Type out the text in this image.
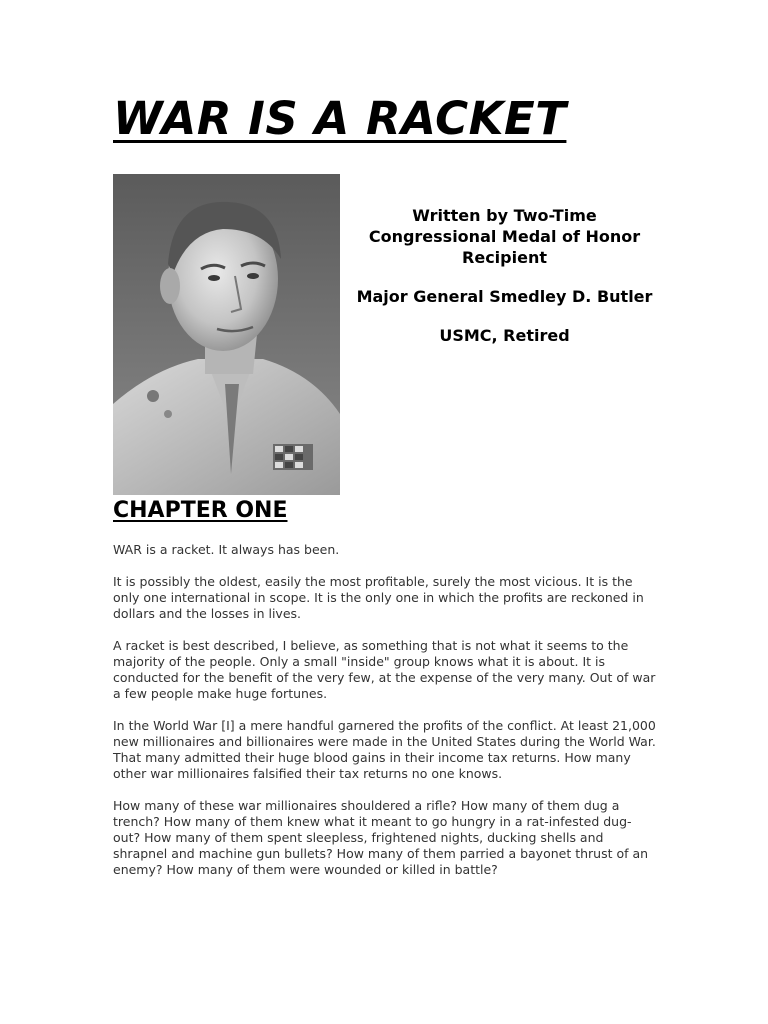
WAR IS A RACKET

Written by Two-Time Congressional Medal of Honor Recipient

Major General Smedley D. Butler

USMC, Retired

CHAPTER ONE

WAR is a racket. It always has been.

It is possibly the oldest, easily the most profitable, surely the most vicious. It is the only one international in scope. It is the only one in which the profits are reckoned in dollars and the losses in lives.

A racket is best described, I believe, as something that is not what it seems to the majority of the people. Only a small "inside" group knows what it is about. It is conducted for the benefit of the very few, at the expense of the very many. Out of war a few people make huge fortunes.

In the World War [I] a mere handful garnered the profits of the conflict. At least 21,000 new millionaires and billionaires were made in the United States during the World War. That many admitted their huge blood gains in their income tax returns. How many other war millionaires falsified their tax returns no one knows.

How many of these war millionaires shouldered a rifle? How many of them dug a trench? How many of them knew what it meant to go hungry in a rat-infested dug-out? How many of them spent sleepless, frightened nights, ducking shells and shrapnel and machine gun bullets? How many of them parried a bayonet thrust of an enemy? How many of them were wounded or killed in battle?
